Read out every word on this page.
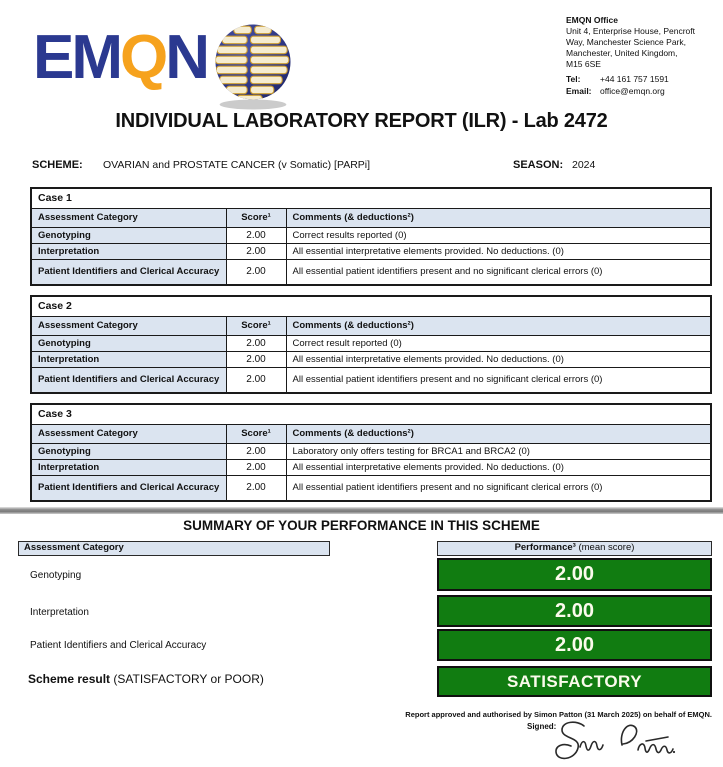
EMQN
EMQN Office
Unit 4, Enterprise House, Pencroft
Way, Manchester Science Park,
Manchester, United Kingdom,
M15 6SE
Tel:	+44 161 757 1591
Email: office@emqn.org
INDIVIDUAL LABORATORY REPORT (ILR) - Lab 2472
SCHEME: OVARIAN and PROSTATE CANCER (v Somatic) [PARPi]	SEASON: 2024
Case 1		
Assessment Category	Score¹	Comments (& deductions²)
Genotyping	2.00	Correct results reported (0)
Interpretation	2.00	All essential interpretative elements provided. No deductions. (0)
Patient Identifiers and Clerical Accuracy	2.00	All essential patient identifiers present and no significant clerical errors (0)
Case 2		
Assessment Category	Score¹	Comments (& deductions²)
Genotyping	2.00	Correct result reported (0)
Interpretation	2.00	All essential interpretative elements provided. No deductions. (0)
Patient Identifiers and Clerical Accuracy	2.00	All essential patient identifiers present and no significant clerical errors (0)
Case 3		
Assessment Category	Score¹	Comments (& deductions²)
Genotyping	2.00	Laboratory only offers testing for BRCA1 and BRCA2 (0)
Interpretation	2.00	All essential interpretative elements provided. No deductions. (0)
Patient Identifiers and Clerical Accuracy	2.00	All essential patient identifiers present and no significant clerical errors (0)
SUMMARY OF YOUR PERFORMANCE IN THIS SCHEME
Assessment Category	Performance³ (mean score)
Genotyping	2.00
Interpretation	2.00
Patient Identifiers and Clerical Accuracy	2.00
Scheme result (SATISFACTORY or POOR)	SATISFACTORY
Report approved and authorised by Simon Patton (31 March 2025) on behalf of EMQN.
Signed:
